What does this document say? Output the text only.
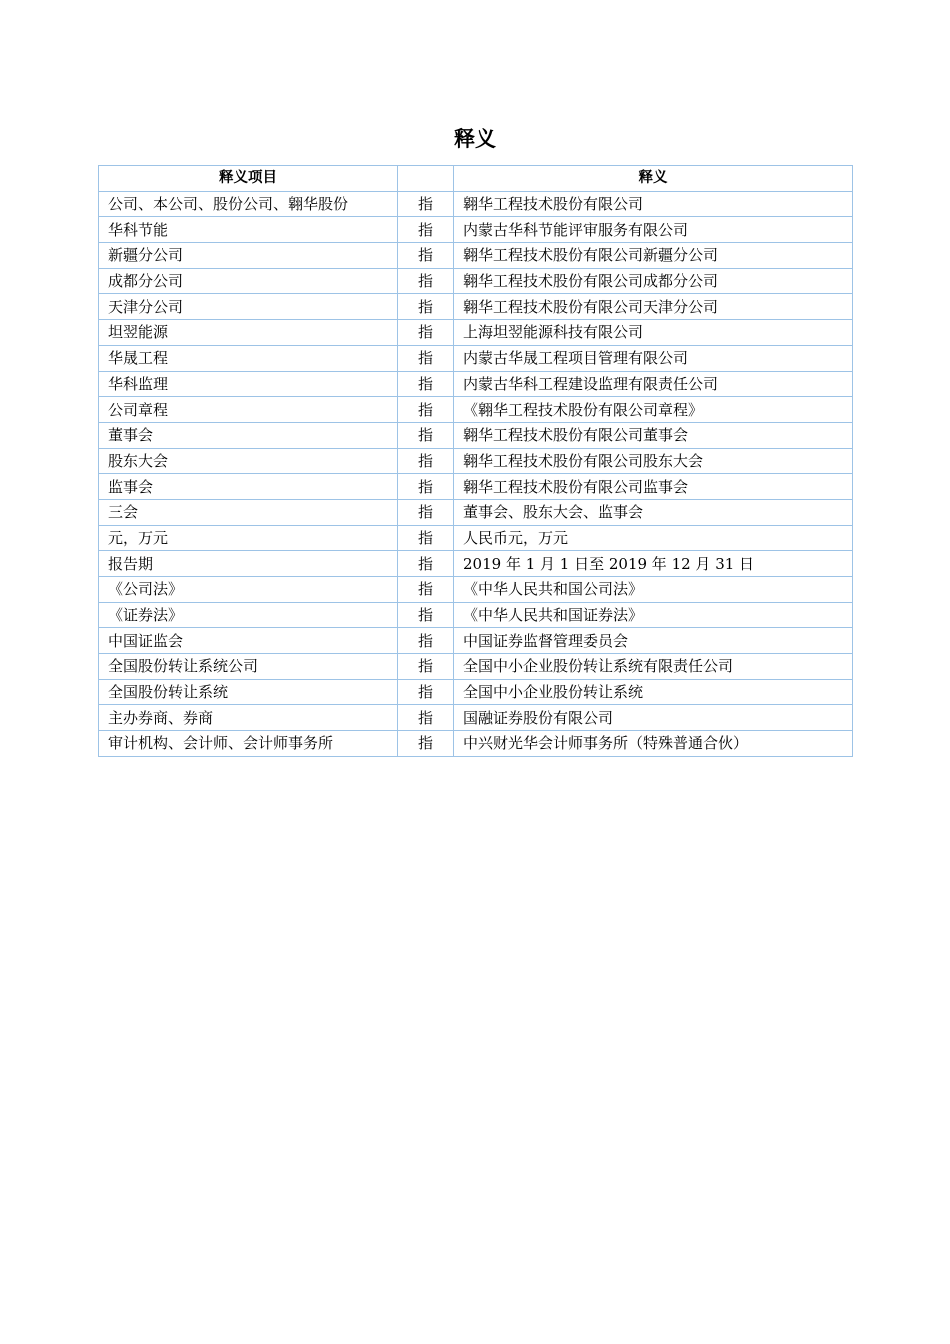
释义
释义项目		释义
公司、本公司、股份公司、翱华股份	指	翱华工程技术股份有限公司
华科节能	指	内蒙古华科节能评审服务有限公司
新疆分公司	指	翱华工程技术股份有限公司新疆分公司
成都分公司	指	翱华工程技术股份有限公司成都分公司
天津分公司	指	翱华工程技术股份有限公司天津分公司
坦翌能源	指	上海坦翌能源科技有限公司
华晟工程	指	内蒙古华晟工程项目管理有限公司
华科监理	指	内蒙古华科工程建设监理有限责任公司
公司章程	指	《翱华工程技术股份有限公司章程》
董事会	指	翱华工程技术股份有限公司董事会
股东大会	指	翱华工程技术股份有限公司股东大会
监事会	指	翱华工程技术股份有限公司监事会
三会	指	董事会、股东大会、监事会
元，万元	指	人民币元，万元
报告期	指	2019 年 1 月 1 日至 2019 年 12 月 31 日
《公司法》	指	《中华人民共和国公司法》
《证券法》	指	《中华人民共和国证券法》
中国证监会	指	中国证券监督管理委员会
全国股份转让系统公司	指	全国中小企业股份转让系统有限责任公司
全国股份转让系统	指	全国中小企业股份转让系统
主办券商、券商	指	国融证券股份有限公司
审计机构、会计师、会计师事务所	指	中兴财光华会计师事务所（特殊普通合伙）
